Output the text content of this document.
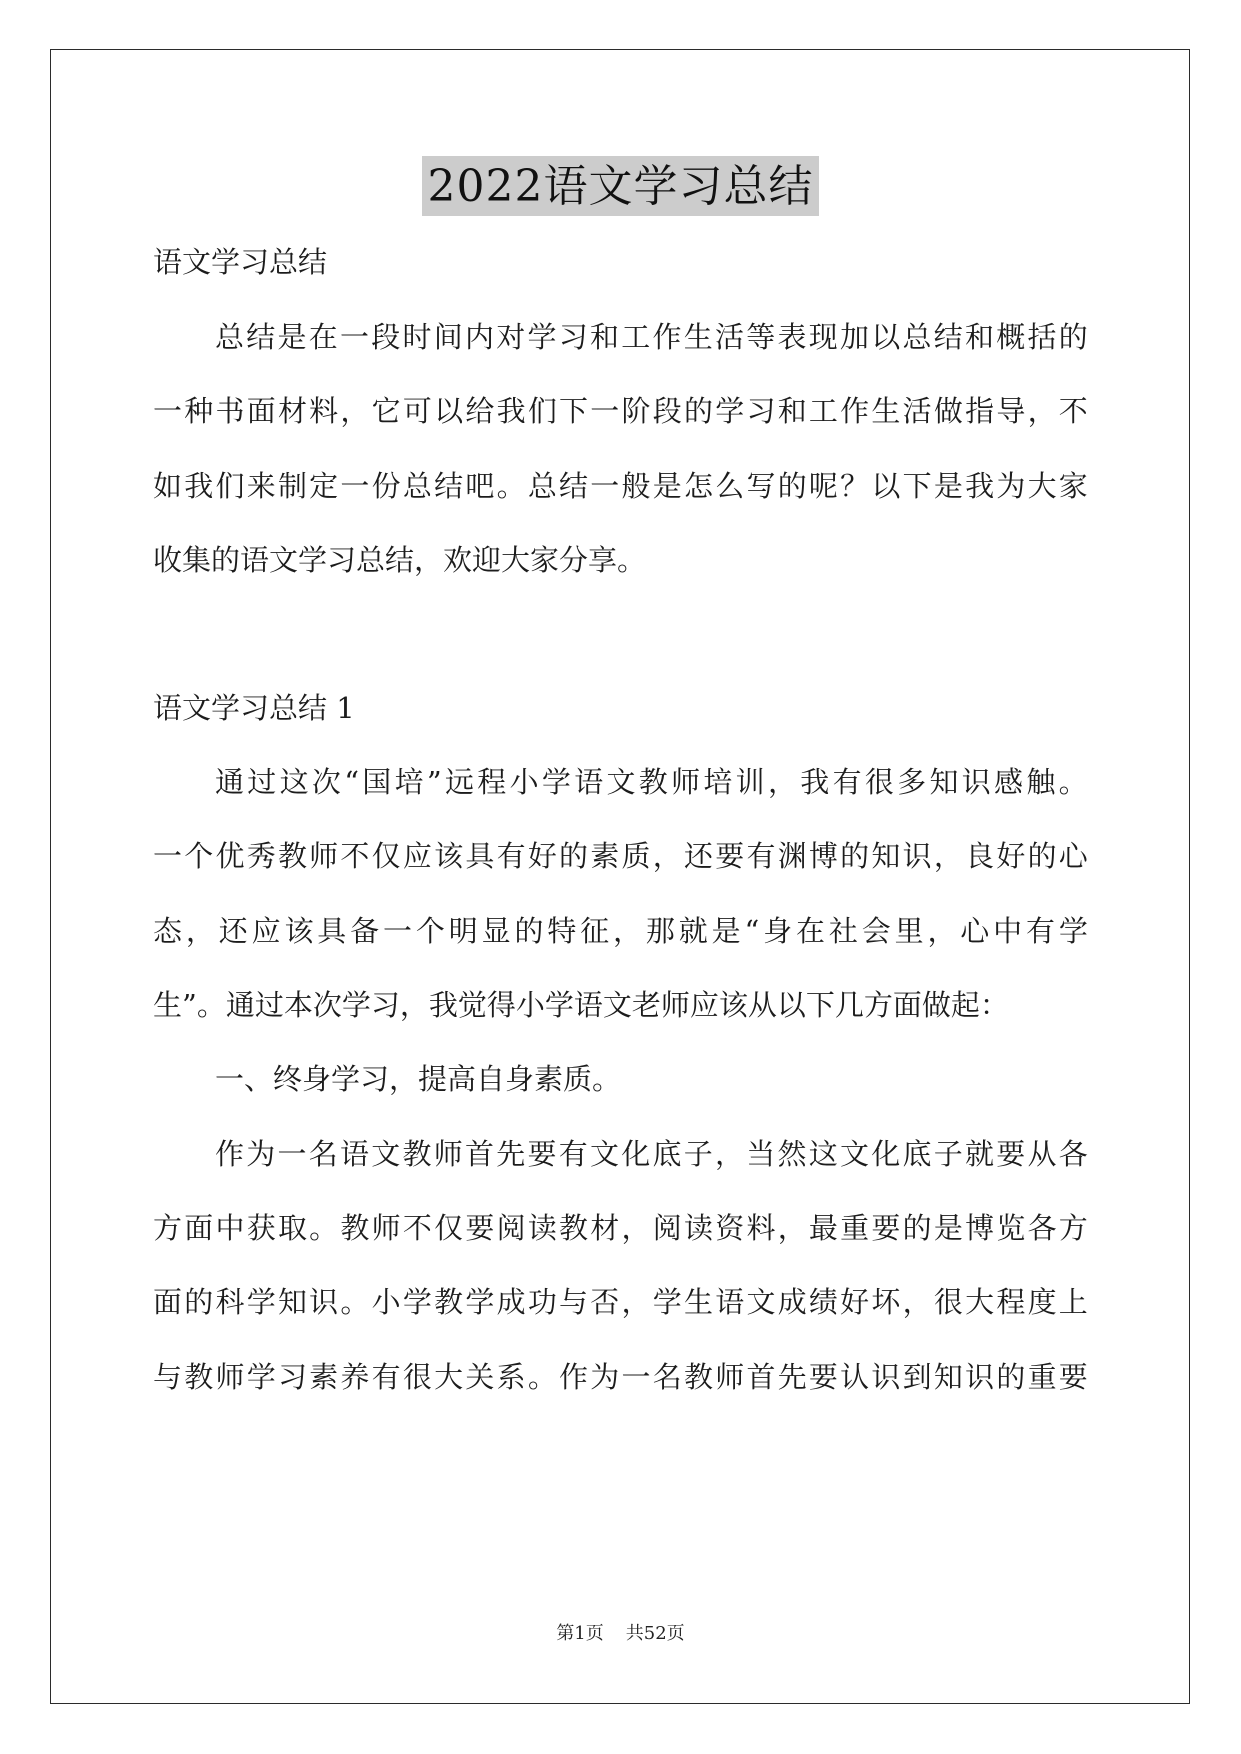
2022语文学习总结
语文学习总结
总 结 是 在 一 段 时 间 内 对 学 习 和 工 作 生 活 等 表 现 加 以 总 结 和 概 括 的
一 种 书 面 材 料 ， 它 可 以 给 我 们 下 一 阶 段 的 学 习 和 工 作 生 活 做 指 导 ， 不
如 我 们 来 制 定 一 份 总 结 吧 。 总 结 一 般 是 怎 么 写 的 呢 ？ 以 下 是 我 为 大 家
收集的语文学习总结，欢迎大家分享。
语文学习总结 1
通 过 这 次 “ 国 培 ” 远 程 小 学 语 文 教 师 培 训 ， 我 有 很 多 知 识 感 触 。
一 个 优 秀 教 师 不 仅 应 该 具 有 好 的 素 质 ， 还 要 有 渊 博 的 知 识 ， 良 好 的 心
态 ， 还 应 该 具 备 一 个 明 显 的 特 征 ， 那 就 是 “ 身 在 社 会 里 ， 心 中 有 学
生”。通过本次学习，我觉得小学语文老师应该从以下几方面做起：
一、终身学习，提高自身素质。
作 为 一 名 语 文 教 师 首 先 要 有 文 化 底 子 ， 当 然 这 文 化 底 子 就 要 从 各
方 面 中 获 取 。 教 师 不 仅 要 阅 读 教 材 ， 阅 读 资 料 ， 最 重 要 的 是 博 览 各 方
面 的 科 学 知 识 。 小 学 教 学 成 功 与 否 ， 学 生 语 文 成 绩 好 坏 ， 很 大 程 度 上
与 教 师 学 习 素 养 有 很 大 关 系 。 作 为 一 名 教 师 首 先 要 认 识 到 知 识 的 重 要
第1页 共52页
